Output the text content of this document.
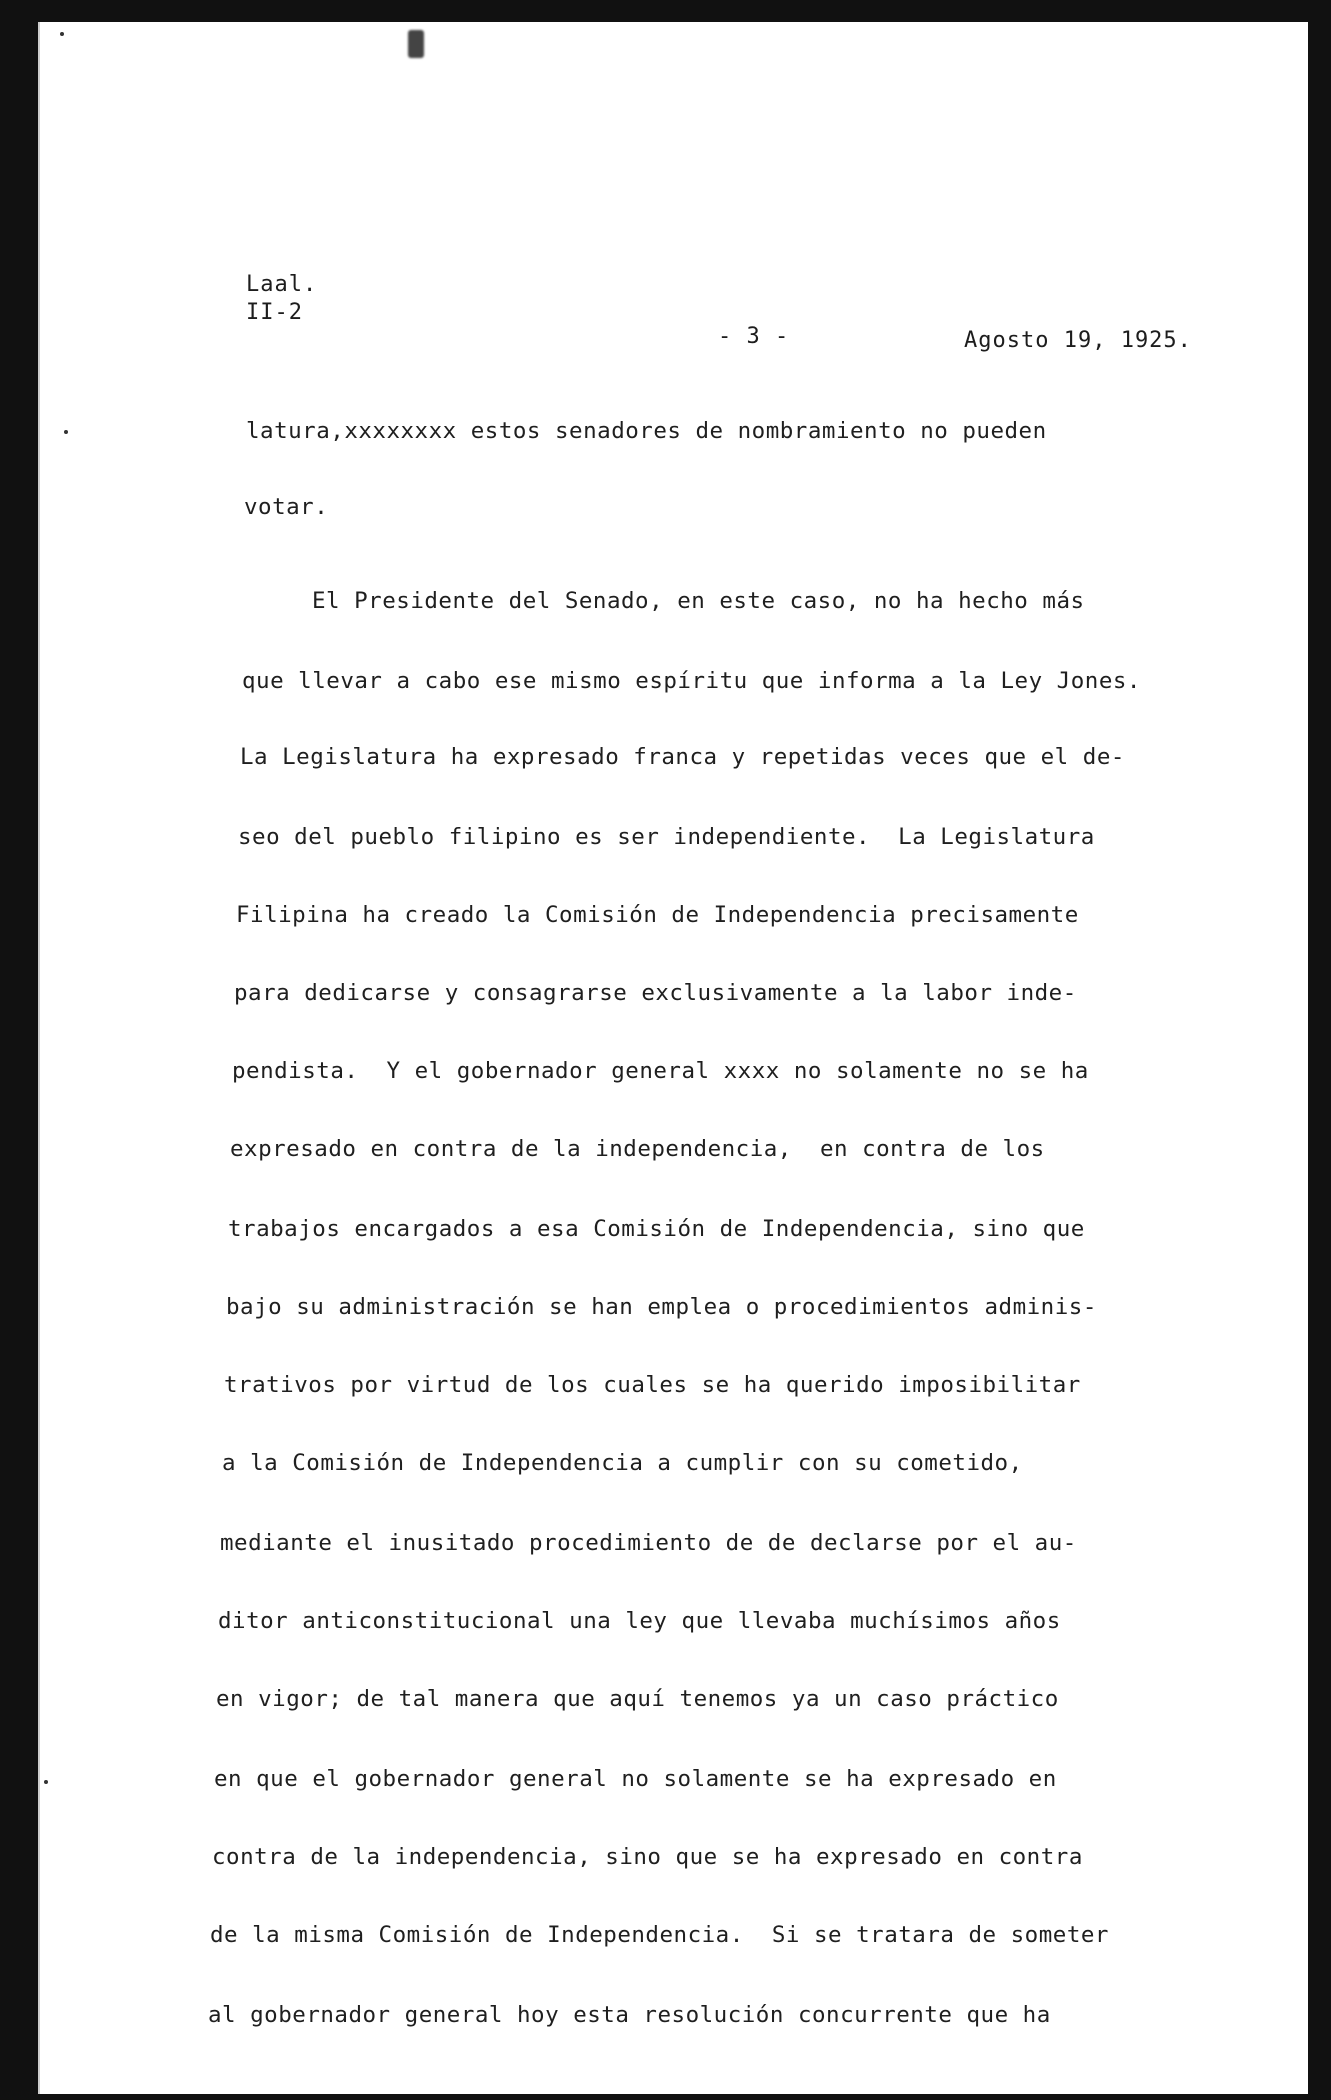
Laal.
II-2
- 3 -	Agosto 19, 1925.
latura,xxxxxxxx estos senadores de nombramiento no pueden
votar.
El Presidente del Senado, en este caso, no ha hecho más
que llevar a cabo ese mismo espíritu que informa a la Ley Jones.
La Legislatura ha expresado franca y repetidas veces que el de-
seo del pueblo filipino es ser independiente.  La Legislatura
Filipina ha creado la Comisión de Independencia precisamente
para dedicarse y consagrarse exclusivamente a la labor inde-
pendista.  Y el gobernador general xxxx no solamente no se ha
expresado en contra de la independencia,  en contra de los
trabajos encargados a esa Comisión de Independencia, sino que
bajo su administración se han emplea o procedimientos adminis-
trativos por virtud de los cuales se ha querido imposibilitar
a la Comisión de Independencia a cumplir con su cometido,
mediante el inusitado procedimiento de de declarse por el au-
ditor anticonstitucional una ley que llevaba muchísimos años
en vigor; de tal manera que aquí tenemos ya un caso práctico
en que el gobernador general no solamente se ha expresado en
contra de la independencia, sino que se ha expresado en contra
de la misma Comisión de Independencia.  Si se tratara de someter
al gobernador general hoy esta resolución concurrente que ha
